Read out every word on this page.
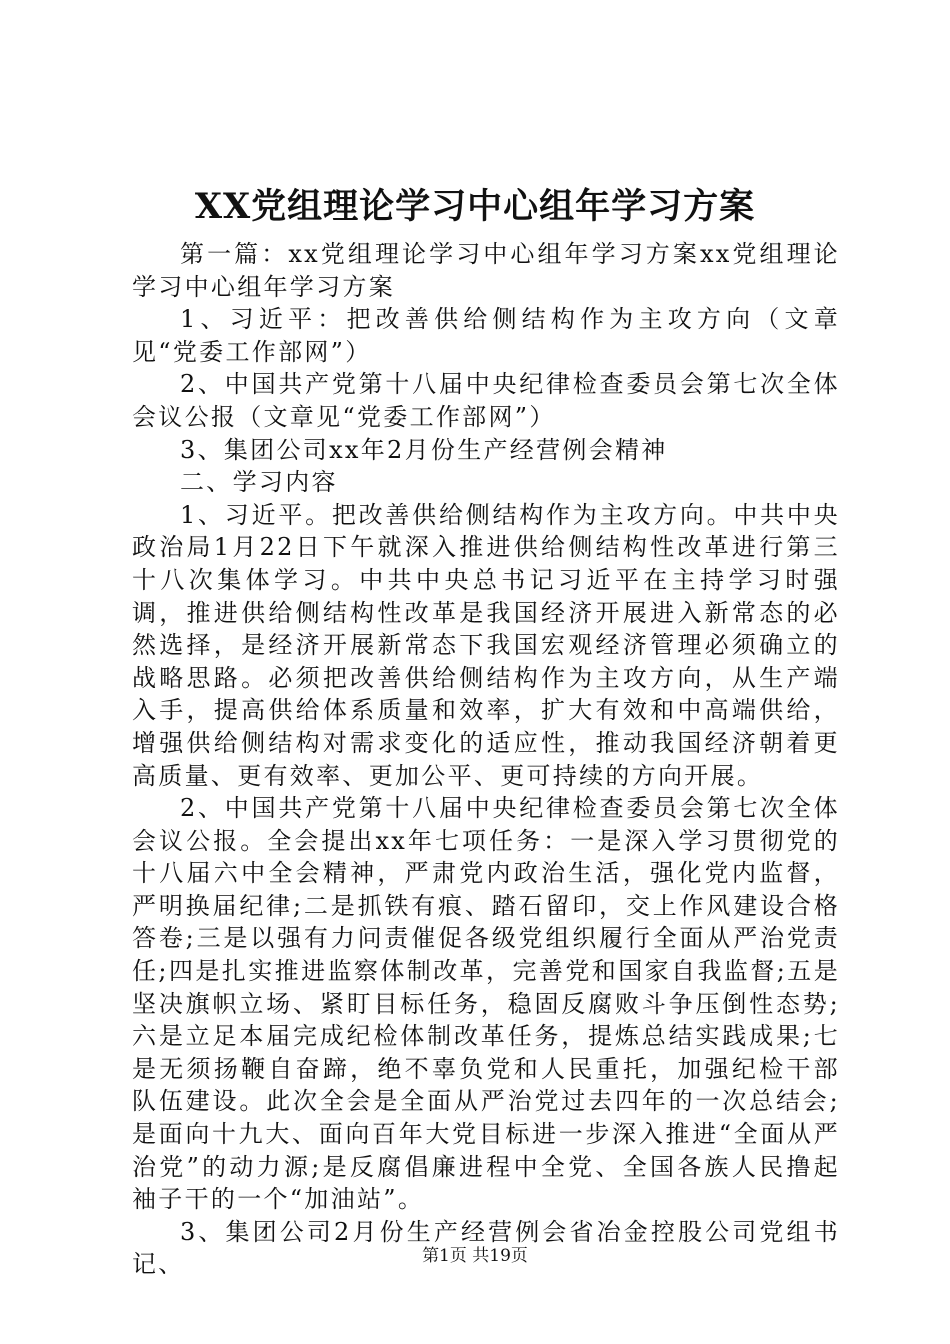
XX党组理论学习中心组年学习方案

第一篇：xx党组理论学习中心组年学习方案xx党组理论学习中心组年学习方案

1、习近平：把改善供给侧结构作为主攻方向（文章见“党委工作部网”）

2、中国共产党第十八届中央纪律检查委员会第七次全体会议公报（文章见“党委工作部网”）

3、集团公司xx年2月份生产经营例会精神

二、学习内容

1、习近平。把改善供给侧结构作为主攻方向。中共中央政治局1月22日下午就深入推进供给侧结构性改革进行第三十八次集体学习。中共中央总书记习近平在主持学习时强调，推进供给侧结构性改革是我国经济开展进入新常态的必然选择，是经济开展新常态下我国宏观经济管理必须确立的战略思路。必须把改善供给侧结构作为主攻方向，从生产端入手，提高供给体系质量和效率，扩大有效和中高端供给，增强供给侧结构对需求变化的适应性，推动我国经济朝着更高质量、更有效率、更加公平、更可持续的方向开展。

2、中国共产党第十八届中央纪律检查委员会第七次全体会议公报。全会提出xx年七项任务：一是深入学习贯彻党的十八届六中全会精神，严肃党内政治生活，强化党内监督，严明换届纪律;二是抓铁有痕、踏石留印，交上作风建设合格答卷;三是以强有力问责催促各级党组织履行全面从严治党责任;四是扎实推进监察体制改革，完善党和国家自我监督;五是坚决旗帜立场、紧盯目标任务，稳固反腐败斗争压倒性态势;六是立足本届完成纪检体制改革任务，提炼总结实践成果;七是无须扬鞭自奋蹄，绝不辜负党和人民重托，加强纪检干部队伍建设。此次全会是全面从严治党过去四年的一次总结会;是面向十九大、面向百年大党目标进一步深入推进“全面从严治党”的动力源;是反腐倡廉进程中全党、全国各族人民撸起袖子干的一个“加油站”。

3、集团公司2月份生产经营例会省冶金控股公司党组书记、	第1页 共19页
